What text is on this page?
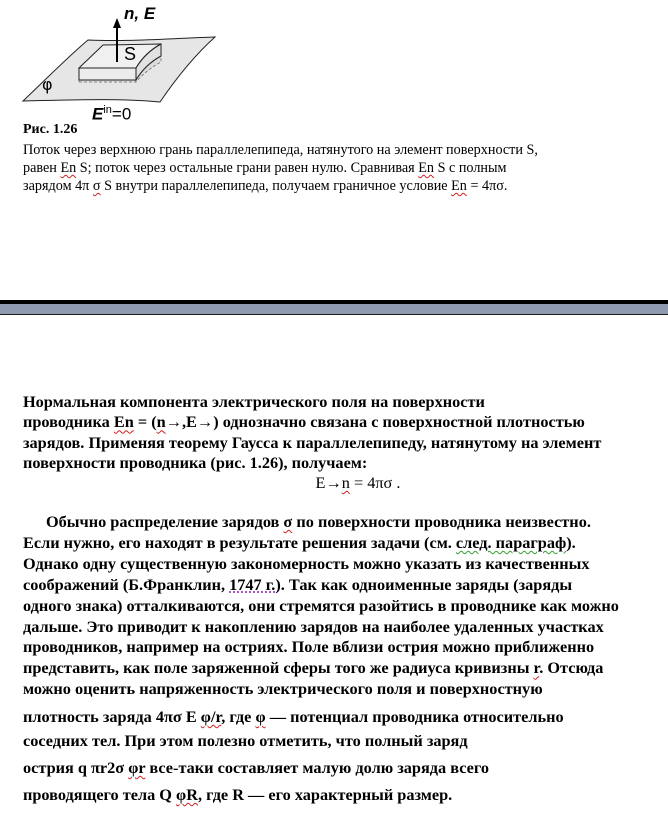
n, E
S
φ
$E^{in}=0$
Рис. 1.26
Поток через верхнюю грань параллелепипеда, натянутого на элемент поверхности S,
равен En S; поток через остальные грани равен нулю. Сравнивая En S с полным
зарядом 4π σ S внутри параллелепипеда, получаем граничное условие En = 4πσ.
Нормальная компонента электрического поля на поверхности
проводника En = (n→,E→) однозначно связана с поверхностной плотностью
зарядов. Применяя теорему Гаусса к параллелепипеду, натянутому на элемент
поверхности проводника (рис. 1.26), получаем:
E→n = 4πσ .
Обычно распределение зарядов σ по поверхности проводника неизвестно.
Если нужно, его находят в результате решения задачи (см. след. параграф).
Однако одну существенную закономерность можно указать из качественных
соображений (Б.Франклин, 1747 г.). Так как одноименные заряды (заряды
одного знака) отталкиваются, они стремятся разойтись в проводнике как можно
дальше. Это приводит к накоплению зарядов на наиболее удаленных участках
проводников, например на остриях. Поле вблизи острия можно приближенно
представить, как поле заряженной сферы того же радиуса кривизны r. Отсюда
можно оценить напряженность электрического поля и поверхностную
плотность заряда 4πσ E φ/r, где φ — потенциал проводника относительно
соседних тел. При этом полезно отметить, что полный заряд
острия q πr2σ φr все-таки составляет малую долю заряда всего
проводящего тела Q φR, где R — его характерный размер.
